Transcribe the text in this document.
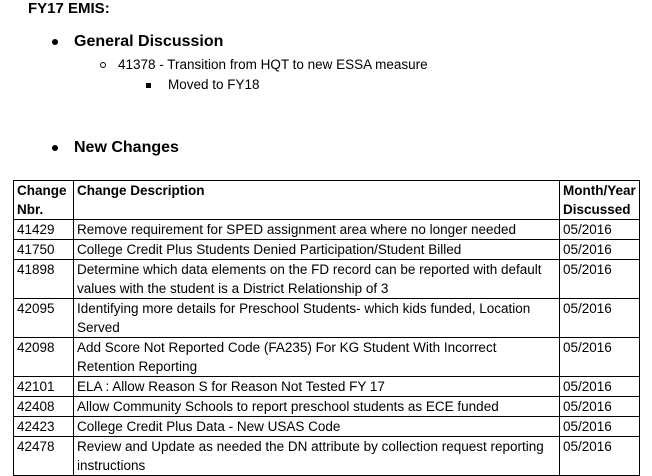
FY17 EMIS:
General Discussion
41378 - Transition from HQT to new ESSA measure
Moved to FY18
New Changes
Change Nbr.	Change Description	Month/Year Discussed
41429	Remove requirement for SPED assignment area where no longer needed	05/2016
41750	College Credit Plus Students Denied Participation/Student Billed	05/2016
41898	Determine which data elements on the FD record can be reported with default values with the student is a District Relationship of 3	05/2016
42095	Identifying more details for Preschool Students- which kids funded, Location Served	05/2016
42098	Add Score Not Reported Code (FA235) For KG Student With Incorrect Retention Reporting	05/2016
42101	ELA : Allow Reason S for Reason Not Tested FY 17	05/2016
42408	Allow Community Schools to report preschool students as ECE funded	05/2016
42423	College Credit Plus Data - New USAS Code	05/2016
42478	Review and Update as needed the DN attribute by collection request reporting instructions	05/2016
